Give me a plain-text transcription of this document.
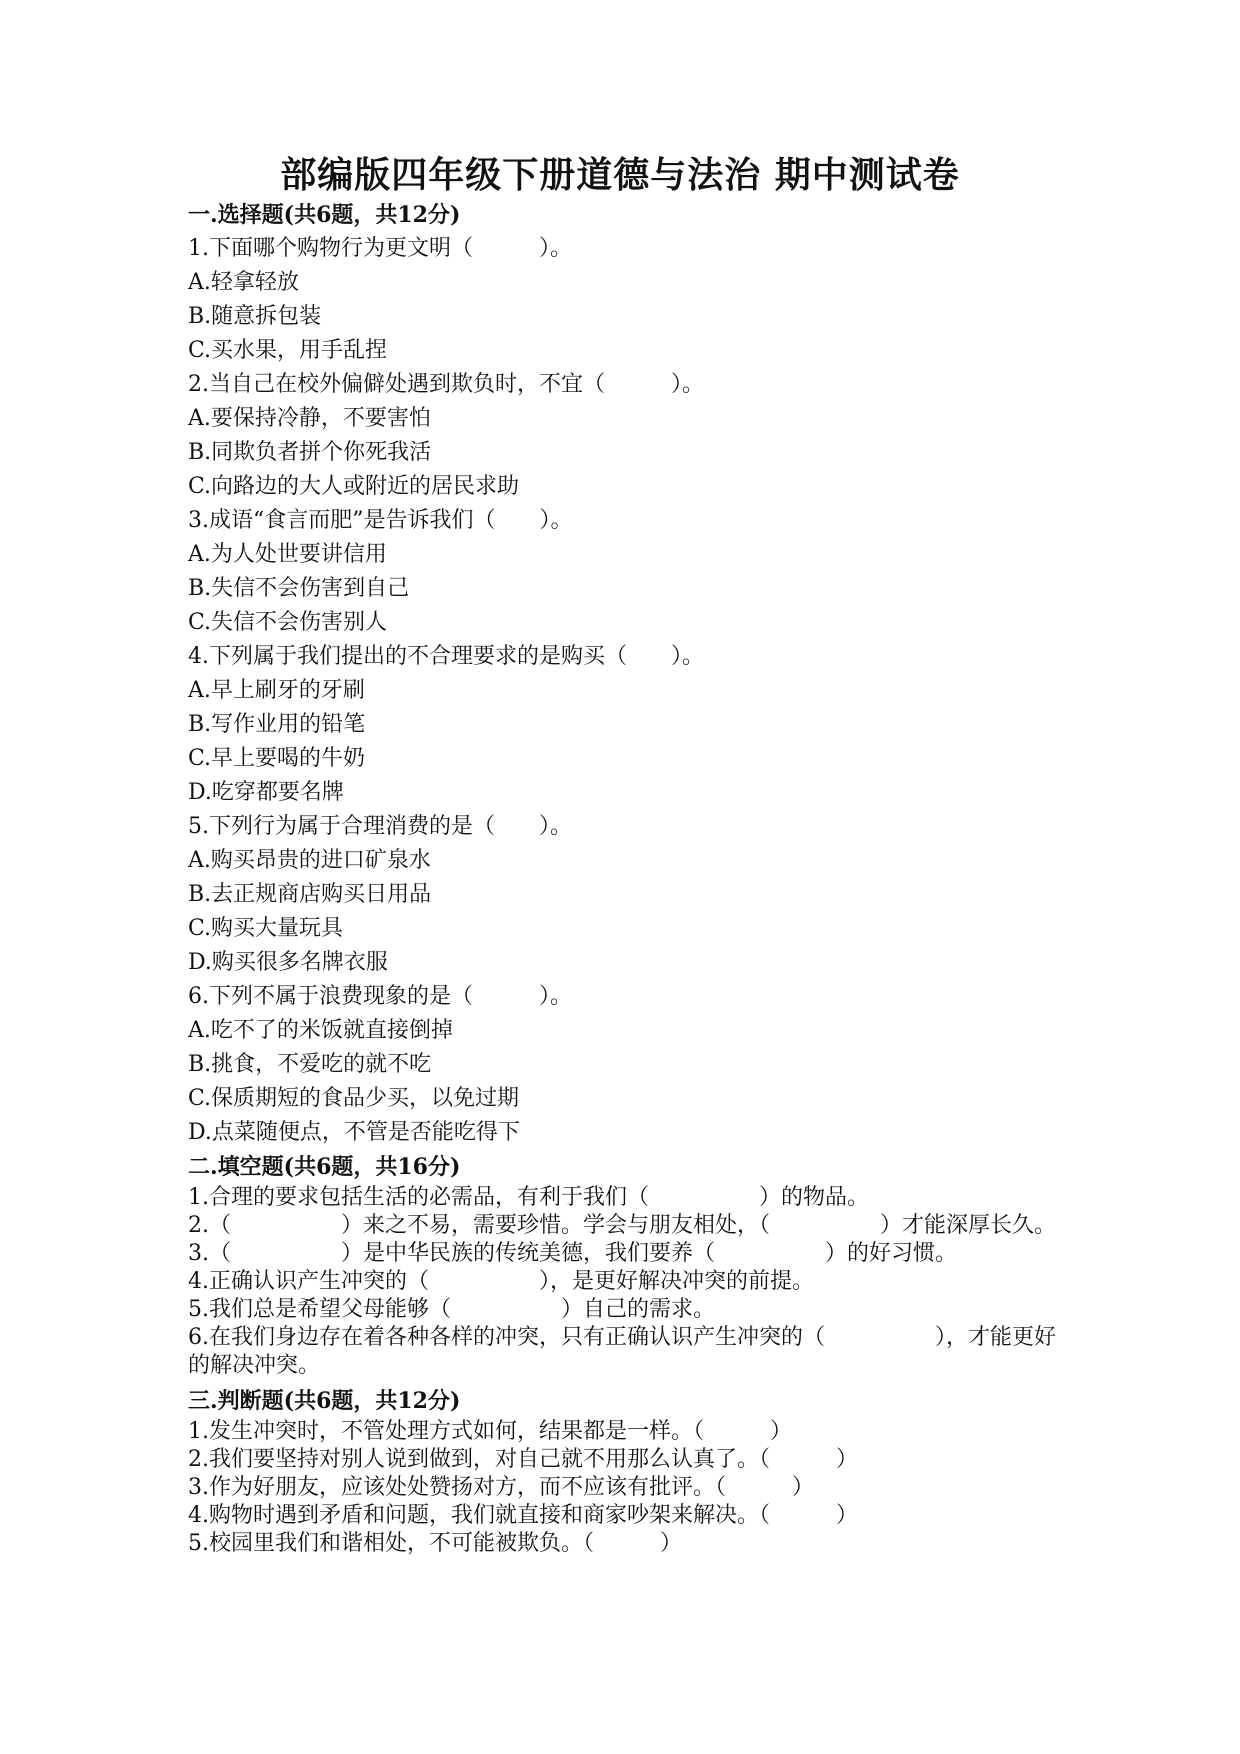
部编版四年级下册道德与法治 期中测试卷
一.选择题(共6题，共12分)
1.下面哪个购物行为更文明（　　　）。
A.轻拿轻放
B.随意拆包装
C.买水果，用手乱捏
2.当自己在校外偏僻处遇到欺负时，不宜（　　　）。
A.要保持冷静，不要害怕
B.同欺负者拼个你死我活
C.向路边的大人或附近的居民求助
3.成语“食言而肥”是告诉我们（　　）。
A.为人处世要讲信用
B.失信不会伤害到自己
C.失信不会伤害别人
4.下列属于我们提出的不合理要求的是购买（　　）。
A.早上刷牙的牙刷
B.写作业用的铅笔
C.早上要喝的牛奶
D.吃穿都要名牌
5.下列行为属于合理消费的是（　　）。
A.购买昂贵的进口矿泉水
B.去正规商店购买日用品
C.购买大量玩具
D.购买很多名牌衣服
6.下列不属于浪费现象的是（　　　）。
A.吃不了的米饭就直接倒掉
B.挑食，不爱吃的就不吃
C.保质期短的食品少买，以免过期
D.点菜随便点，不管是否能吃得下
二.填空题(共6题，共16分)
1.合理的要求包括生活的必需品，有利于我们（　　　　　）的物品。
2.（　　　　　）来之不易，需要珍惜。学会与朋友相处，（　　　　　）才能深厚长久。
3.（　　　　　）是中华民族的传统美德，我们要养（　　　　　）的好习惯。
4.正确认识产生冲突的（　　　　　），是更好解决冲突的前提。
5.我们总是希望父母能够（　　　　　）自己的需求。
6.在我们身边存在着各种各样的冲突，只有正确认识产生冲突的（　　　　　），才能更好的解决冲突。
三.判断题(共6题，共12分)
1.发生冲突时，不管处理方式如何，结果都是一样。（　　　）
2.我们要坚持对别人说到做到，对自己就不用那么认真了。（　　　）
3.作为好朋友，应该处处赞扬对方，而不应该有批评。（　　　）
4.购物时遇到矛盾和问题，我们就直接和商家吵架来解决。（　　　）
5.校园里我们和谐相处，不可能被欺负。（　　　）
